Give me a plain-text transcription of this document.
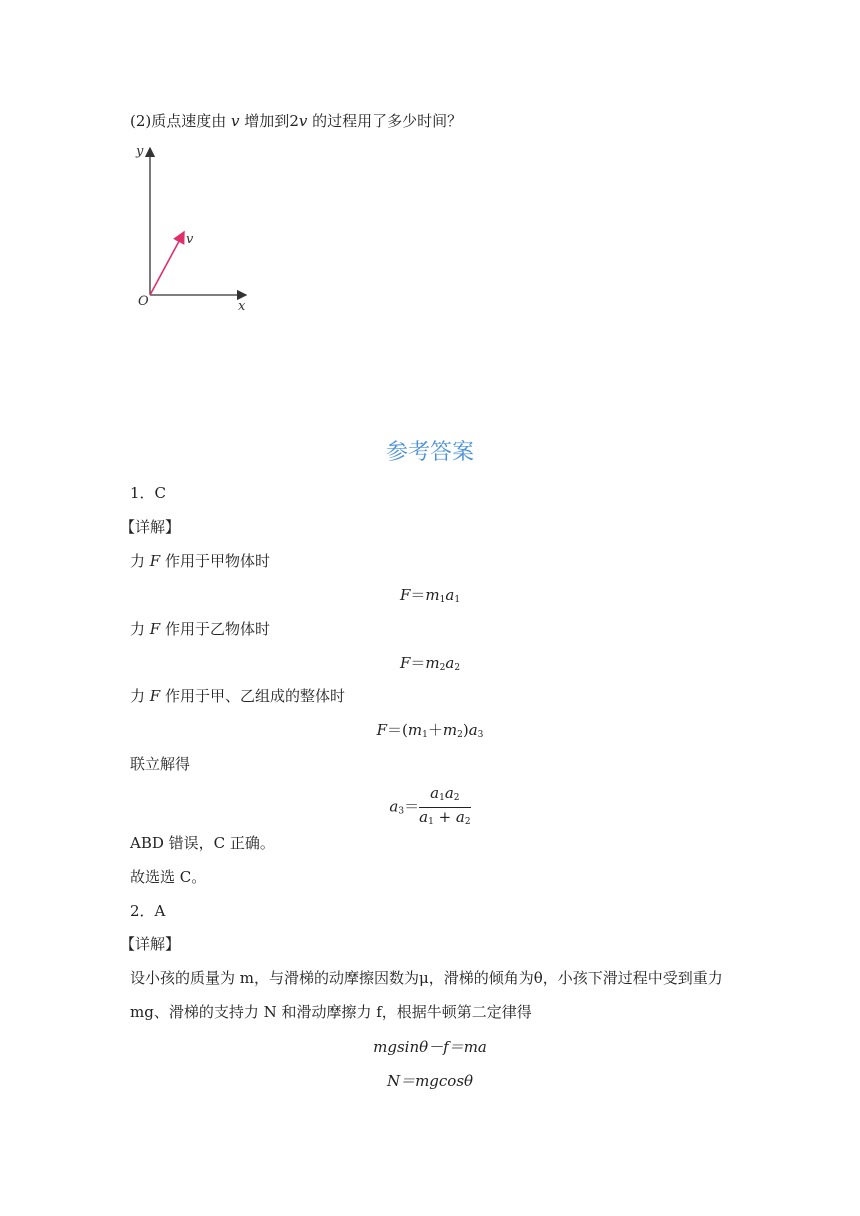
(2)质点速度由 v 增加到2v 的过程用了多少时间？
y
x
O
v
参考答案
1．C
【详解】
力 F 作用于甲物体时
$F=m_1a_1$
力 F 作用于乙物体时
$F=m_2a_2$
力 F 作用于甲、乙组成的整体时
$F=(m_1+m_2)a_3$
联立解得
$a_3= \frac{a_1a_2}{a_1 + a_2}$
ABD 错误，C 正确。
故选选 C。
2．A
【详解】
设小孩的质量为 m，与滑梯的动摩擦因数为μ，滑梯的倾角为θ，小孩下滑过程中受到重力
mg、滑梯的支持力 N 和滑动摩擦力 f，根据牛顿第二定律得
mgsinθ－f＝ma
N＝mgcosθ
